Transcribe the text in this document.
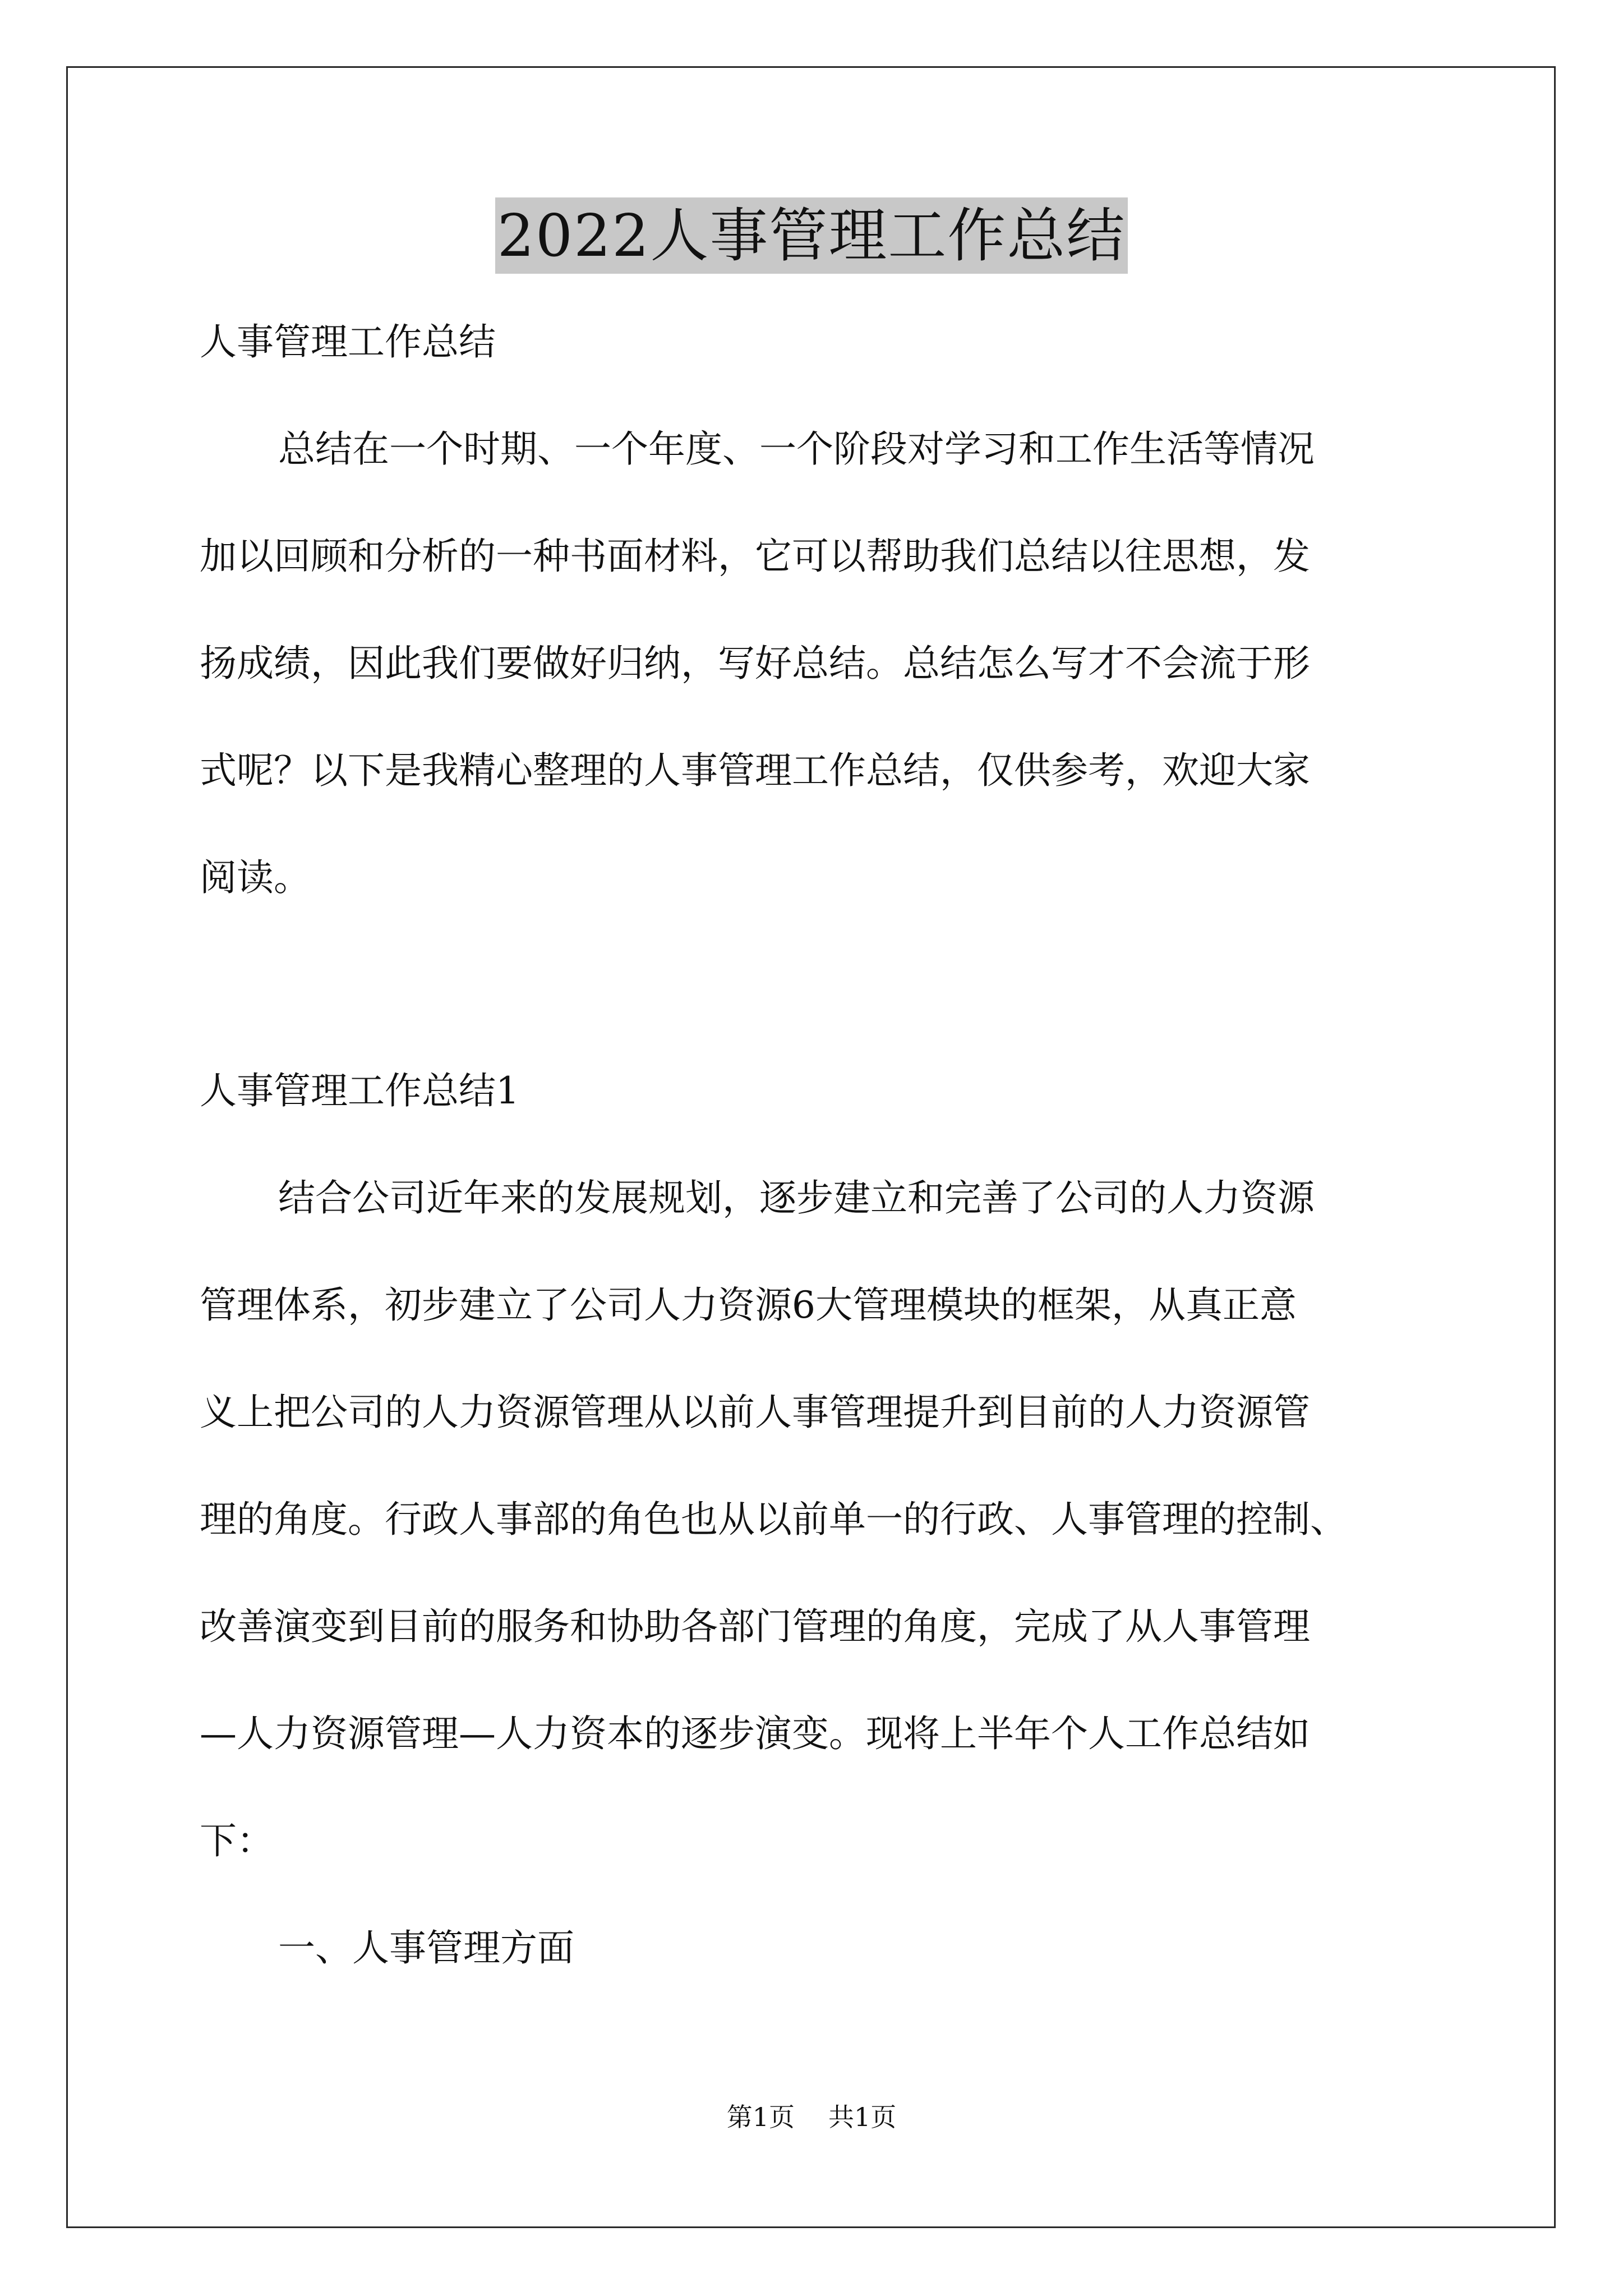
2022人事管理工作总结
人事管理工作总结
总结在一个时期、一个年度、一个阶段对学习和工作生活等情况
加以回顾和分析的一种书面材料，它可以帮助我们总结以往思想，发
扬成绩，因此我们要做好归纳，写好总结。总结怎么写才不会流于形
式呢？以下是我精心整理的人事管理工作总结，仅供参考，欢迎大家
阅读。
人事管理工作总结1
结合公司近年来的发展规划，逐步建立和完善了公司的人力资源
管理体系，初步建立了公司人力资源6大管理模块的框架，从真正意
义上把公司的人力资源管理从以前人事管理提升到目前的人力资源管
理的角度。行政人事部的角色也从以前单一的行政、人事管理的控制、
改善演变到目前的服务和协助各部门管理的角度，完成了从人事管理
—人力资源管理—人力资本的逐步演变。现将上半年个人工作总结如
下：
一、人事管理方面
第1页 共1页
